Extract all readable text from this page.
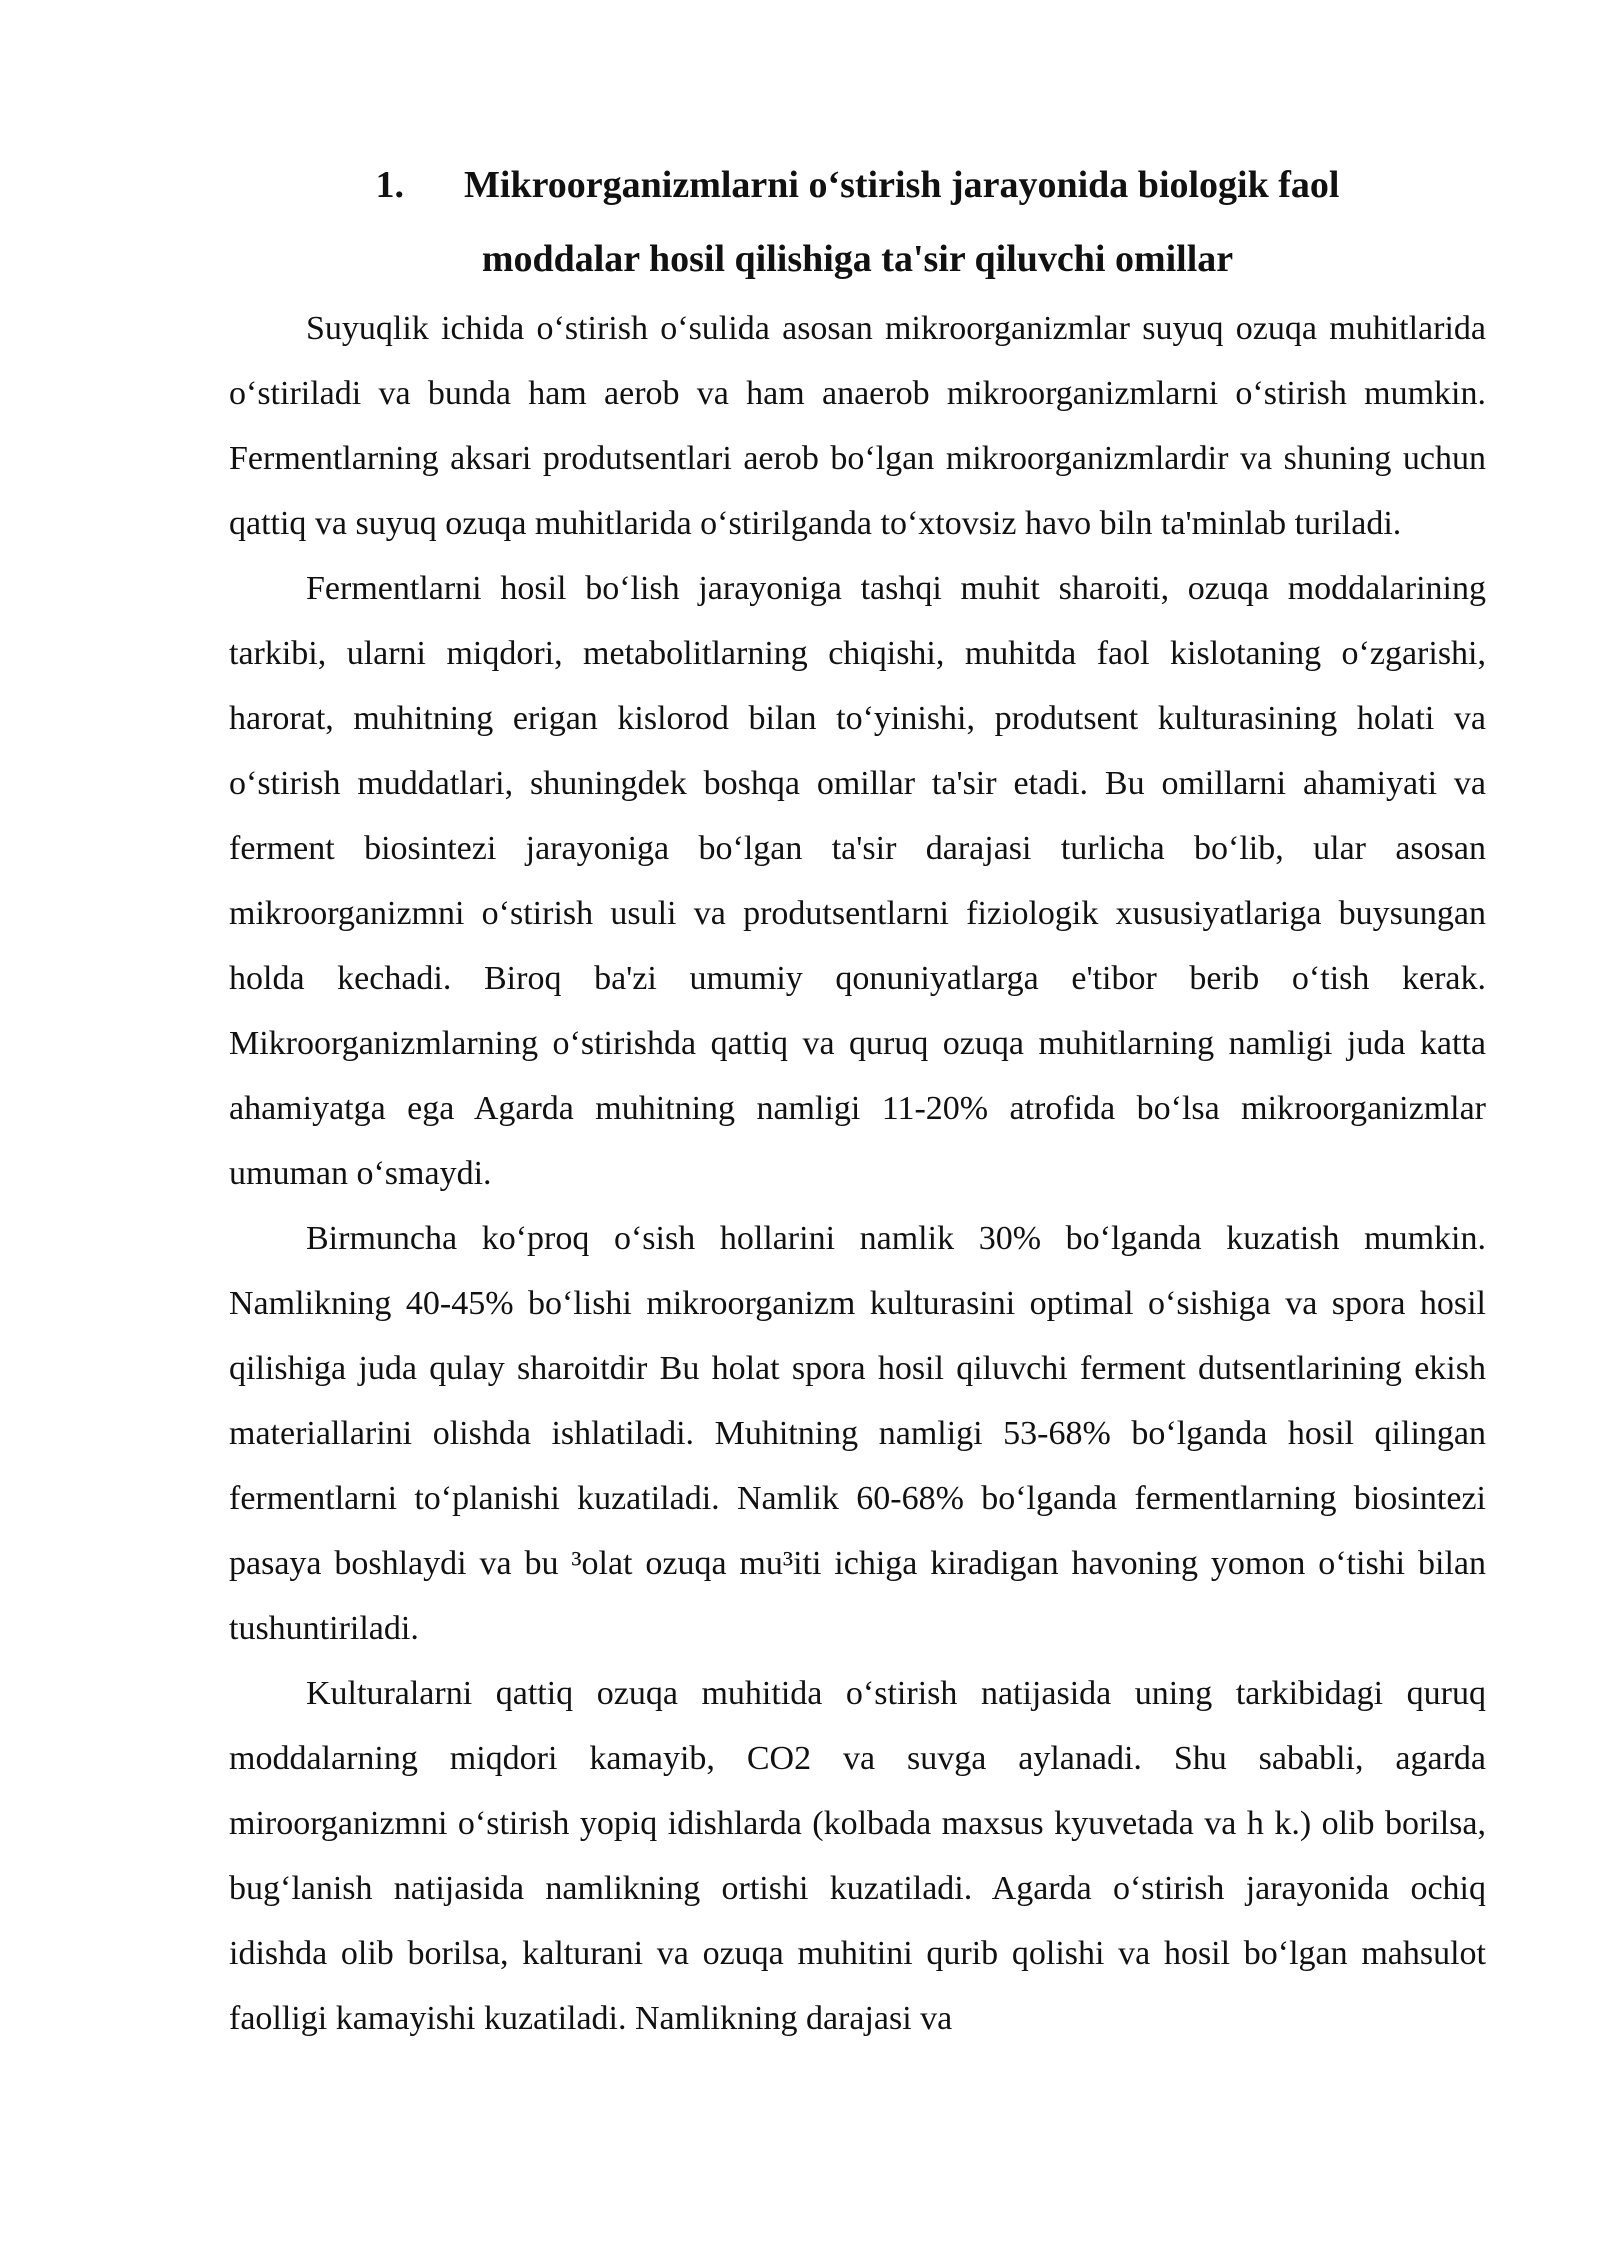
1. Mikroorganizmlarni o‘stirish jarayonida biologik faol
moddalar hosil qilishiga ta'sir qiluvchi omillar

Suyuqlik ichida o‘stirish o‘sulida asosan mikroorganizmlar suyuq ozuqa muhitlarida o‘stiriladi va bunda ham aerob va ham anaerob mikroorganizmlarni o‘stirish mumkin. Fermentlarning aksari produtsentlari aerob bo‘lgan mikroorganizmlardir va shuning uchun qattiq va suyuq ozuqa muhitlarida o‘stirilganda to‘xtovsiz havo biln ta'minlab turiladi.

Fermentlarni hosil bo‘lish jarayoniga tashqi muhit sharoiti, ozuqa moddalarining tarkibi, ularni miqdori, metabolitlarning chiqishi, muhitda faol kislotaning o‘zgarishi, harorat, muhitning erigan kislorod bilan to‘yinishi, produtsent kulturasining holati va o‘stirish muddatlari, shuningdek boshqa omillar ta'sir etadi. Bu omillarni ahamiyati va ferment biosintezi jarayoniga bo‘lgan ta'sir darajasi turlicha bo‘lib, ular asosan mikroorganizmni o‘stirish usuli va produtsentlarni fiziologik xususiyatlariga buysungan holda kechadi. Biroq ba'zi umumiy qonuniyatlarga e'tibor berib o‘tish kerak. Mikroorganizmlarning o‘stirishda qattiq va quruq ozuqa muhitlarning namligi juda katta ahamiyatga ega Agarda muhitning namligi 11-20% atrofida bo‘lsa mikroorganizmlar umuman o‘smaydi.

Birmuncha ko‘proq o‘sish hollarini namlik 30% bo‘lganda kuzatish mumkin. Namlikning 40-45% bo‘lishi mikroorganizm kulturasini optimal o‘sishiga va spora hosil qilishiga juda qulay sharoitdir Bu holat spora hosil qiluvchi ferment dutsentlarining ekish materiallarini olishda ishlatiladi. Muhitning namligi 53-68% bo‘lganda hosil qilingan fermentlarni to‘planishi kuzatiladi. Namlik 60-68% bo‘lganda fermentlarning biosintezi pasaya boshlaydi va bu ³olat ozuqa mu³iti ichiga kiradigan havoning yomon o‘tishi bilan tushuntiriladi.

Kulturalarni qattiq ozuqa muhitida o‘stirish natijasida uning tarkibidagi quruq moddalarning miqdori kamayib, CO2 va suvga aylanadi. Shu sababli, agarda miroorganizmni o‘stirish yopiq idishlarda (kolbada maxsus kyuvetada va h k.) olib borilsa, bug‘lanish natijasida namlikning ortishi kuzatiladi. Agarda o‘stirish jarayonida ochiq idishda olib borilsa, kalturani va ozuqa muhitini qurib qolishi va hosil bo‘lgan mahsulot faolligi kamayishi kuzatiladi. Namlikning darajasi va
